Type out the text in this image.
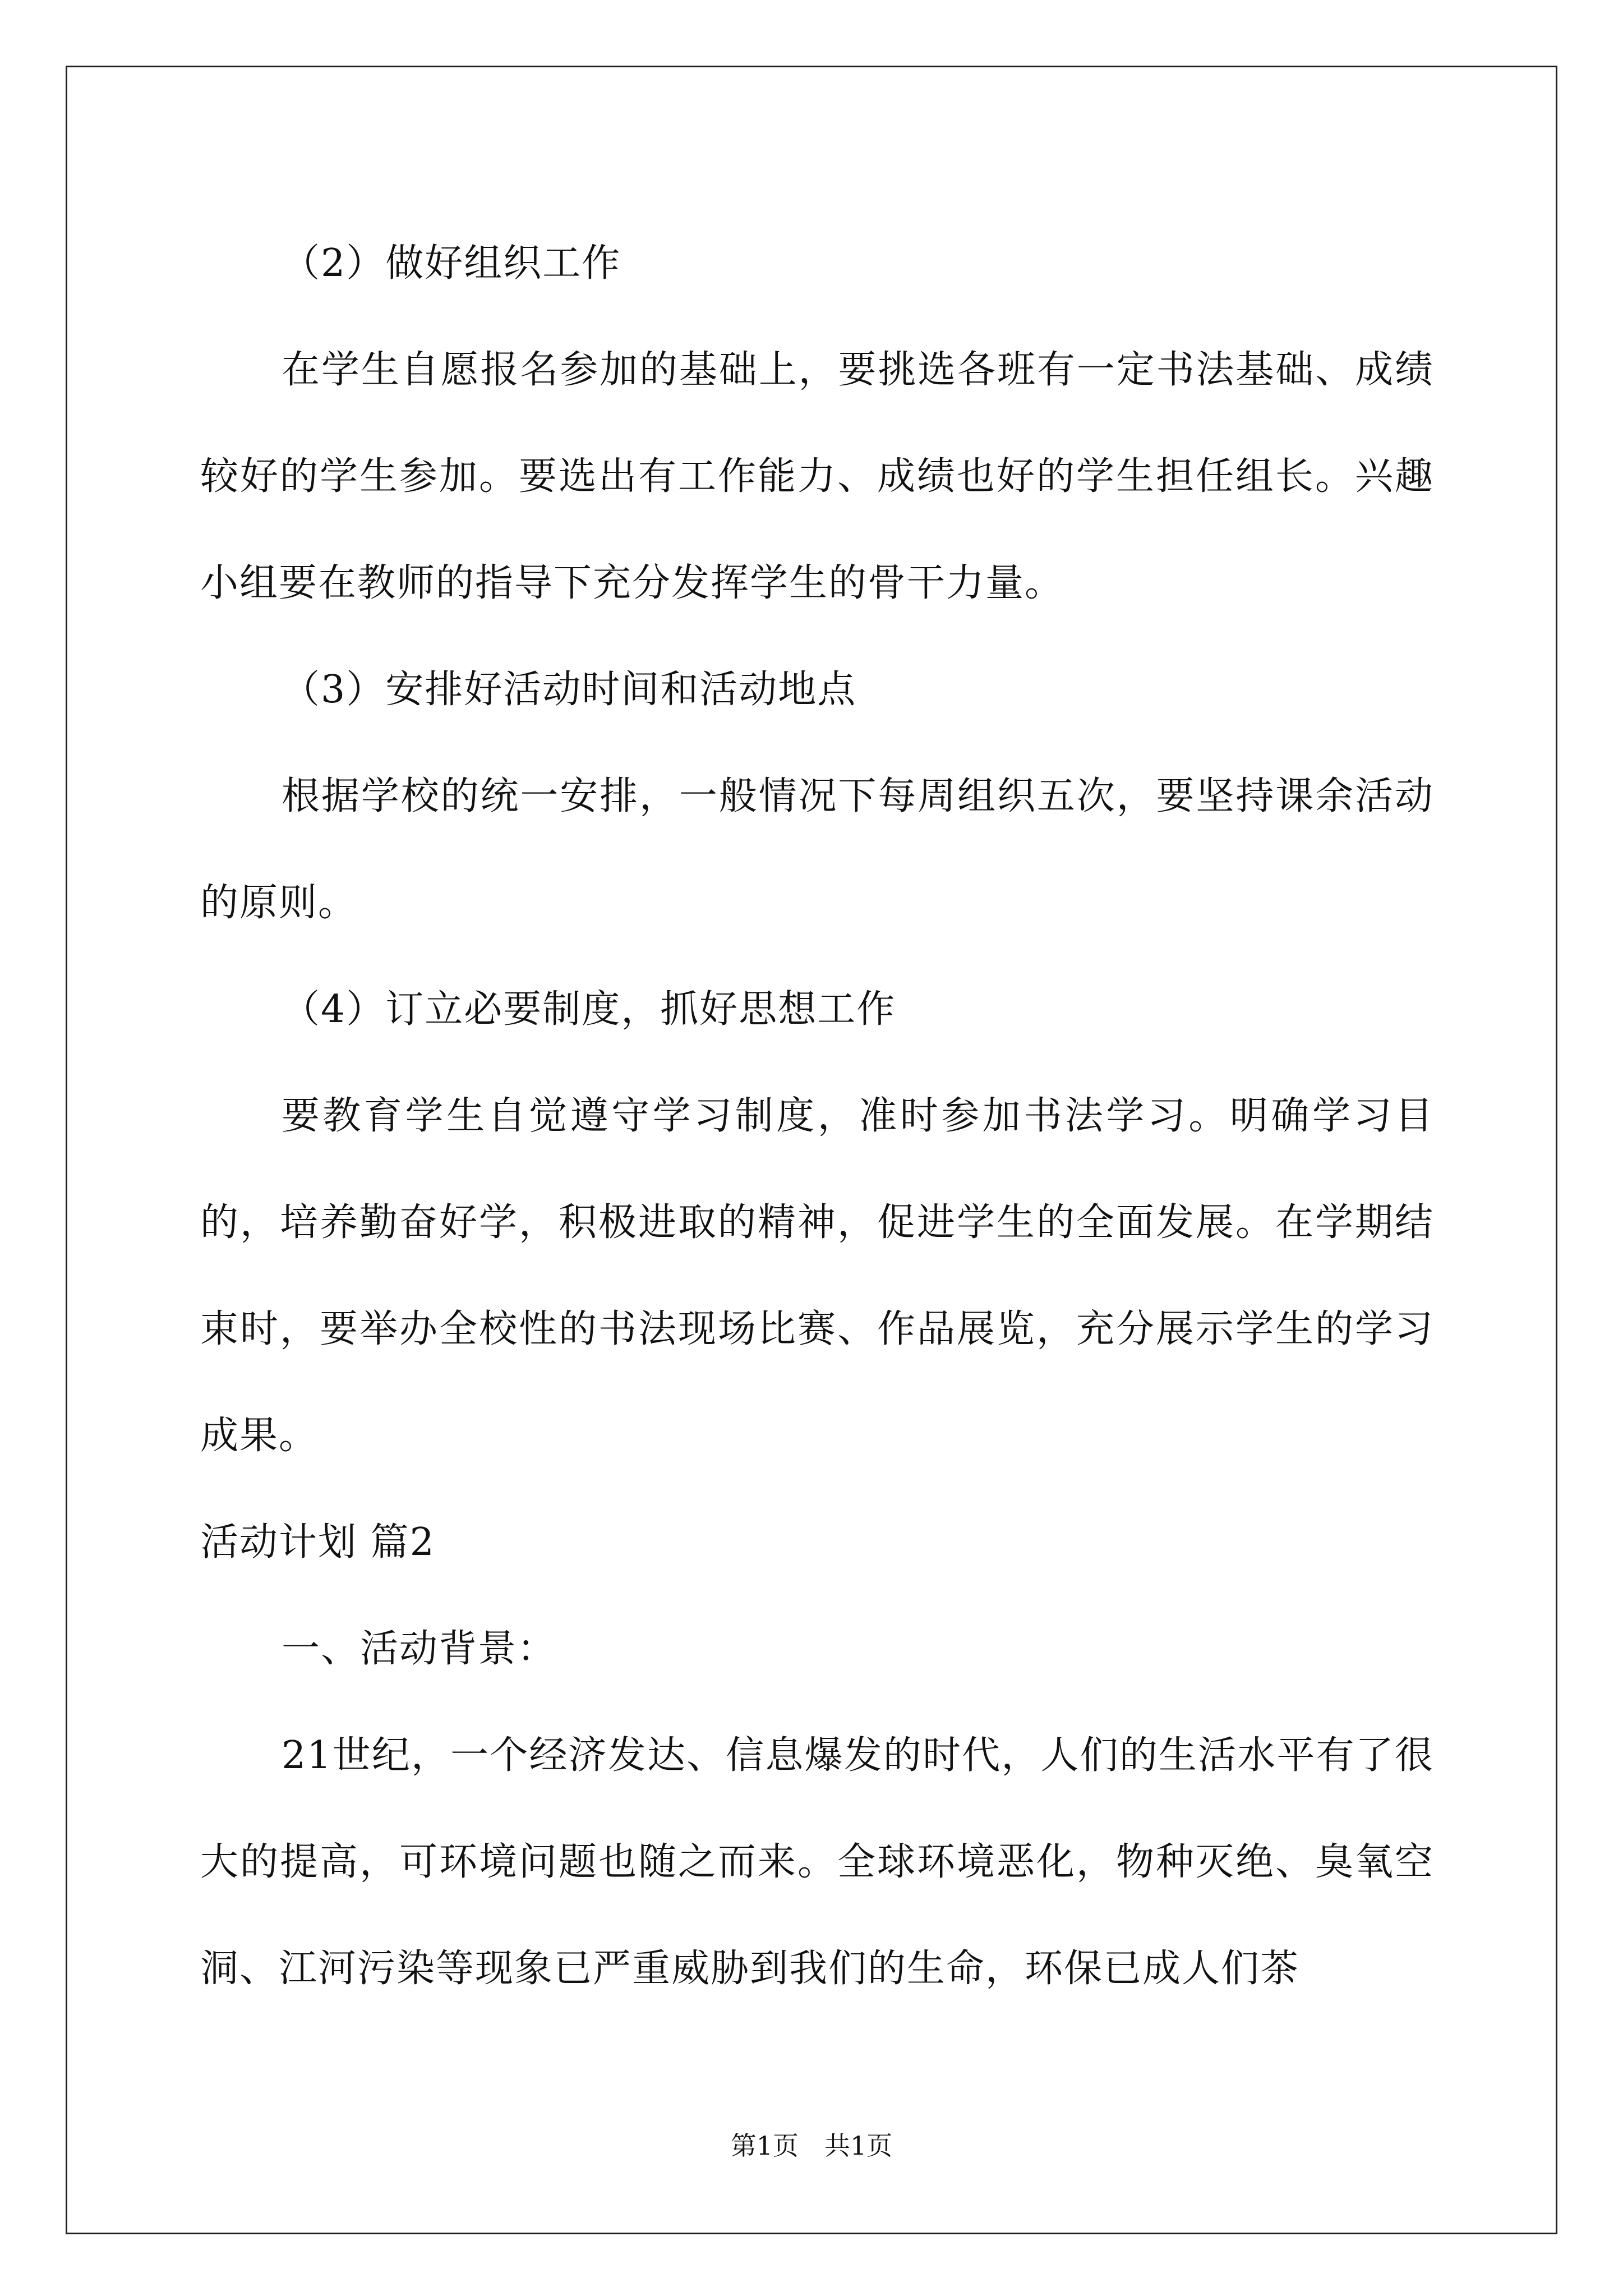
（2）做好组织工作

在学生自愿报名参加的基础上，要挑选各班有一定书法基础、成绩较好的学生参加。要选出有工作能力、成绩也好的学生担任组长。兴趣小组要在教师的指导下充分发挥学生的骨干力量。

（3）安排好活动时间和活动地点

根据学校的统一安排，一般情况下每周组织五次，要坚持课余活动的原则。

（4）订立必要制度，抓好思想工作

要教育学生自觉遵守学习制度，准时参加书法学习。明确学习目的，培养勤奋好学，积极进取的精神，促进学生的全面发展。在学期结束时，要举办全校性的书法现场比赛、作品展览，充分展示学生的学习成果。

活动计划 篇2

一、活动背景：

21世纪，一个经济发达、信息爆发的时代，人们的生活水平有了很大的提高，可环境问题也随之而来。全球环境恶化，物种灭绝、臭氧空洞、江河污染等现象已严重威胁到我们的生命，环保已成人们茶

第1页　共1页
